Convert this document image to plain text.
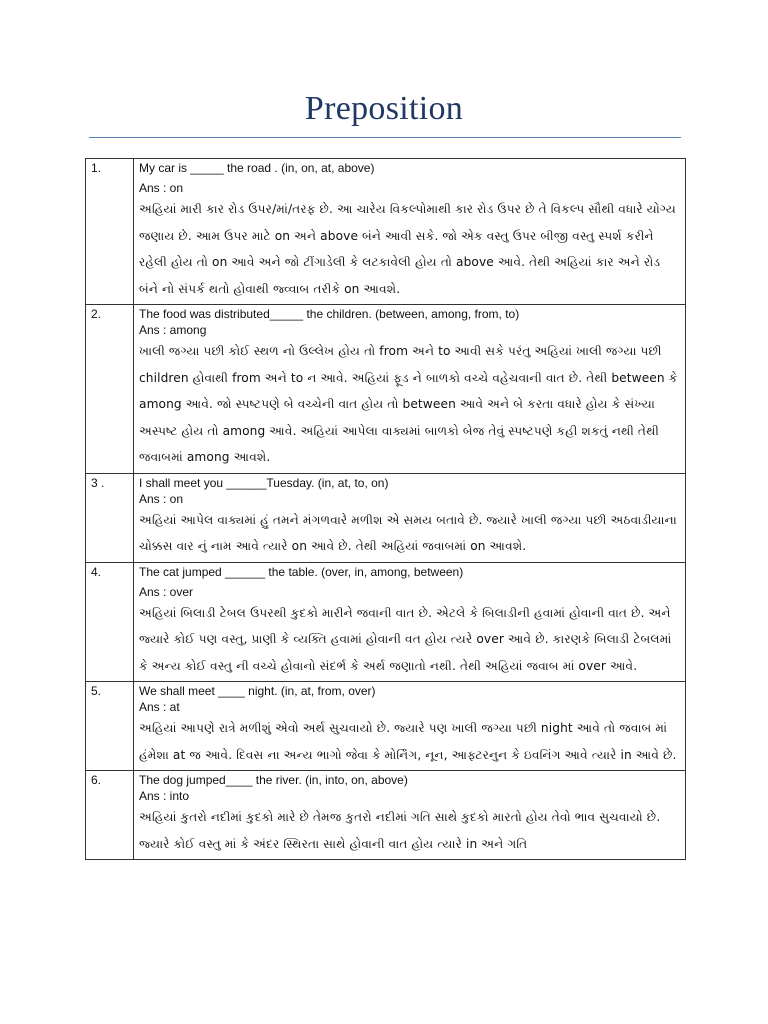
Preposition
1.	My car is _____ the road . (in, on, at, above)
Ans : on
અહિયાં મારી કાર રોડ ઉપર/માં/તરફ છે. આ ચારેય વિકલ્પોમાથી કાર રોડ ઉપર છે તે વિકલ્પ સૌથી વધારે યોગ્ય જણાય છે. આમ ઉપર માટે on અને above બંને આવી સકે. જો એક વસ્તુ ઉપર બીજી વસ્તુ સ્પર્શ કરીને રહેલી હોય તો on આવે અને જો ટીંગાડેલી કે લટકાવેલી હોય તો above આવે. તેથી અહિયાં કાર અને રોડ બંને નો સંપર્ક થતો હોવાથી જ્વ્વાબ તરીકે on આવશે.

2.	The food was distributed_____ the children. (between, among, from, to)
Ans : among
ખાલી જગ્યા પછી કોઈ સ્થળ નો ઉલ્લેખ હોય તો from અને to આવી સકે પરંતુ અહિયાં ખાલી જગ્યા પછી children હોવાથી from અને to ન આવે. અહિયાં ફૂડ ને બાળકો વચ્ચે વહેચવાની વાત છે. તેથી between કે among આવે. જો સ્પષ્ટપણે બે વચ્ચેની વાત હોય તો between આવે અને બે કરતા વધારે હોય કે સંખ્યા અસ્પષ્ટ હોય તો among આવે. અહિયાં આપેલા વાક્યમાં બાળકો બેજ તેવું સ્પષ્ટપણે કહી શકતું નથી તેથી જવાબમાં among આવશે.

3 .	I shall meet you ______Tuesday. (in, at, to, on)
Ans : on
અહિયાં આપેલ વાક્યમાં હું તમને મંગળવારે મળીશ એ સમય બતાવે છે. જ્યારે ખાલી જગ્યા પછી અઠવાડીયાના ચોક્કસ વાર નું નામ આવે ત્યારે on આવે છે. તેથી અહિયાં જવાબમાં on આવશે.

4.	The cat jumped ______ the table. (over, in, among, between)
Ans : over
અહિયાં બિલાડી ટેબલ ઉપરથી કુદકો મારીને જવાની વાત છે. એટલે કે બિલાડીની હવામાં હોવાની વાત છે. અને જ્યારે કોઈ પણ વસ્તુ, પ્રાણી કે વ્યક્તિ હવામાં હોવાની વત હોય ત્યરે over આવે છે. કારણકે બિલાડી ટેબલમાં કે અન્ય કોઈ વસ્તુ ની વચ્ચે હોવાનો સંદર્ભ કે અર્થ જણાતો નથી. તેથી અહિયાં જવાબ માં over આવે.

5.	We shall meet ____ night. (in, at, from, over)
Ans : at
અહિયાં આપણે રાત્રે મળીશું એવો અર્થ સુચવાયો છે. જ્યારે પણ ખાલી જગ્યા પછી night આવે તો જવાબ માં હંમેશા at જ આવે. દિવસ ના અન્ય ભાગો જેવા કે મોર્નિંગ, નૂન, આફ્ટરનુન કે ઇવનિંગ આવે ત્યારે in આવે છે.

6.	The dog jumped____ the river. (in, into, on, above)
Ans : into
અહિયાં કુતરો નદીમાં કુદકો મારે છે તેમજ કુતરો નદીમાં ગતિ સાથે કુદકો મારતો હોય તેવો ભાવ સુચવાયો છે. જ્યારે કોઈ વસ્તુ માં કે અંદર સ્થિરતા સાથે હોવાની વાત હોય ત્યારે in અને ગતિ
